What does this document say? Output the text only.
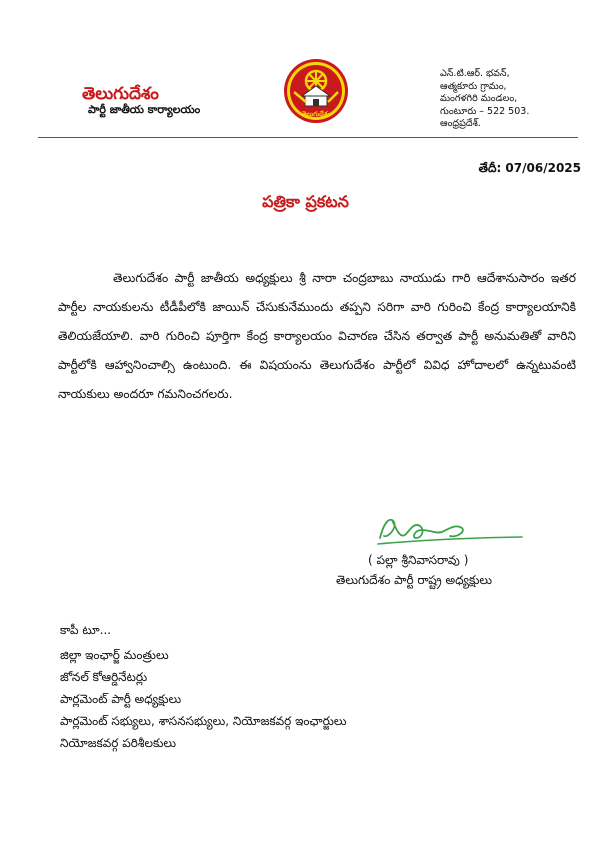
తెలుగుదేశం
పార్టీ జాతీయ కార్యాలయం	తెలుగుదేశం
ఎన్.టి.ఆర్. భవన్,
ఆత్మకూరు గ్రామం,
మంగళగిరి మండలం,
గుంటూరు – 522 503.
ఆంధ్రప్రదేశ్.
తేదీ: 07/06/2025
పత్రికా ప్రకటన

తెలుగుదేశం పార్టీ జాతీయ అధ్యక్షులు శ్రీ నారా చంద్రబాబు నాయుడు గారి ఆదేశానుసారం ఇతర పార్టీల నాయకులను టీడీపీలోకి జాయిన్ చేసుకునేముందు తప్పని సరిగా వారి గురించి కేంద్ర కార్యాలయానికి తెలియజేయాలి. వారి గురించి పూర్తిగా కేంద్ర కార్యాలయం విచారణ చేసిన తర్వాత పార్టీ అనుమతితో వారిని పార్టీలోకి ఆహ్వానించాల్సి ఉంటుంది. ఈ విషయంను తెలుగుదేశం పార్టీలో వివిధ హోదాలలో ఉన్నటువంటి నాయకులు అందరూ గమనించగలరు.

( పల్లా శ్రీనివాసరావు )
తెలుగుదేశం పార్టీ రాష్ట్ర అధ్యక్షులు
కాపీ టూ...
జిల్లా ఇంఛార్జ్ మంత్రులు
జోనల్ కోఆర్డినేటర్లు
పార్లమెంట్ పార్టీ అధ్యక్షులు
పార్లమెంట్ సభ్యులు, శాసనసభ్యులు, నియోజకవర్గ ఇంఛార్జులు
నియోజకవర్గ పరిశీలకులు
